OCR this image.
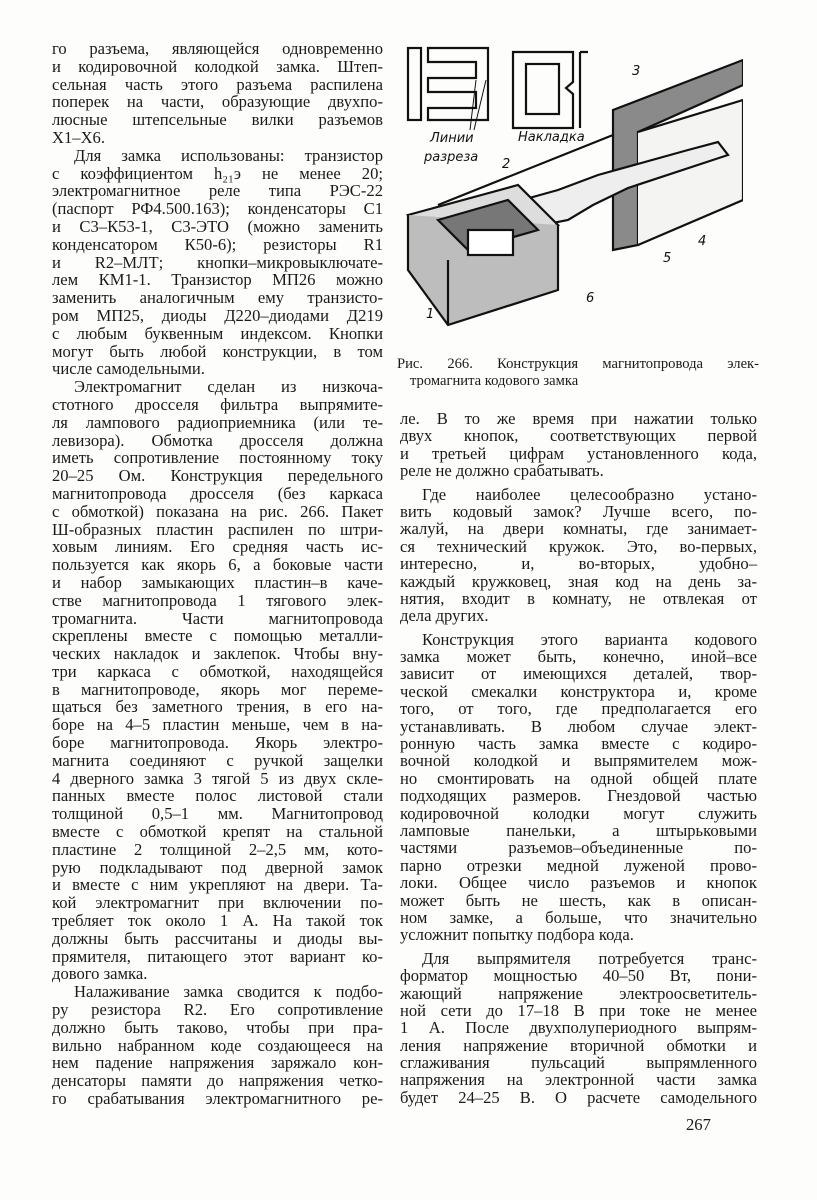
го разъема, являющейся одновременно
и кодировочной колодкой замка. Штеп-
сельная часть этого разъема распилена
поперек на части, образующие двухпо-
люсные штепсельные вилки разъемов
X1–X6.
Для замка использованы: транзистор
с коэффициентом h₂₁э не менее 20;
электромагнитное реле типа РЭС-22
(паспорт РФ4.500.163); конденсаторы С1
и С3–К53-1, С3-ЭТО (можно заменить
конденсатором К50-6); резисторы R1
и R2–МЛТ; кнопки–микровыключате-
лем КМ1-1. Транзистор МП26 можно
заменить аналогичным ему транзисто-
ром МП25, диоды Д220–диодами Д219
с любым буквенным индексом. Кнопки
могут быть любой конструкции, в том
числе самодельными.
Электромагнит сделан из низкоча-
стотного дросселя фильтра выпрямите-
ля лампового радиоприемника (или те-
левизора). Обмотка дросселя должна
иметь сопротивление постоянному току
20–25 Ом. Конструкция передельного
магнитопровода дросселя (без каркаса
с обмоткой) показана на рис. 266. Пакет
Ш-образных пластин распилен по штри-
ховым линиям. Его средняя часть ис-
пользуется как якорь 6, а боковые части
и набор замыкающих пластин–в каче-
стве магнитопровода 1 тягового элек-
тромагнита. Части магнитопровода
скреплены вместе с помощью металли-
ческих накладок и заклепок. Чтобы вну-
три каркаса с обмоткой, находящейся
в магнитопроводе, якорь мог переме-
щаться без заметного трения, в его на-
боре на 4–5 пластин меньше, чем в на-
боре магнитопровода. Якорь электро-
магнита соединяют с ручкой защелки
4 дверного замка 3 тягой 5 из двух скле-
панных вместе полос листовой стали
толщиной 0,5–1 мм. Магнитопровод
вместе с обмоткой крепят на стальной
пластине 2 толщиной 2–2,5 мм, кото-
рую подкладывают под дверной замок
и вместе с ним укрепляют на двери. Та-
кой электромагнит при включении по-
требляет ток около 1 А. На такой ток
должны быть рассчитаны и диоды вы-
прямителя, питающего этот вариант ко-
дового замка.
Налаживание замка сводится к подбо-
ру резистора R2. Его сопротивление
должно быть таково, чтобы при пра-
вильно набранном коде создающееся на
нем падение напряжения заряжало кон-
денсаторы памяти до напряжения четко-
го срабатывания электромагнитного ре-
Линии
разреза
Накладка
2
3
4
5
6
1
Рис. 266. Конструкция магнитопровода элек-
тромагнита кодового замка
ле. В то же время при нажатии только
двух кнопок, соответствующих первой
и третьей цифрам установленного кода,
реле не должно срабатывать.
Где наиболее целесообразно устано-
вить кодовый замок? Лучше всего, по-
жалуй, на двери комнаты, где занимает-
ся технический кружок. Это, во-первых,
интересно, и, во-вторых, удобно–
каждый кружковец, зная код на день за-
нятия, входит в комнату, не отвлекая от
дела других.
Конструкция этого варианта кодового
замка может быть, конечно, иной–все
зависит от имеющихся деталей, твор-
ческой смекалки конструктора и, кроме
того, от того, где предполагается его
устанавливать. В любом случае элект-
ронную часть замка вместе с кодиро-
вочной колодкой и выпрямителем мож-
но смонтировать на одной общей плате
подходящих размеров. Гнездовой частью
кодировочной колодки могут служить
ламповые панельки, а штырьковыми
частями разъемов–объединенные по-
парно отрезки медной луженой прово-
локи. Общее число разъемов и кнопок
может быть не шесть, как в описан-
ном замке, а больше, что значительно
усложнит попытку подбора кода.
Для выпрямителя потребуется транс-
форматор мощностью 40–50 Вт, пони-
жающий напряжение электроосветитель-
ной сети до 17–18 В при токе не менее
1 А. После двухполупериодного выпрям-
ления напряжение вторичной обмотки и
сглаживания пульсаций выпрямленного
напряжения на электронной части замка
будет 24–25 В. О расчете самодельного
267
